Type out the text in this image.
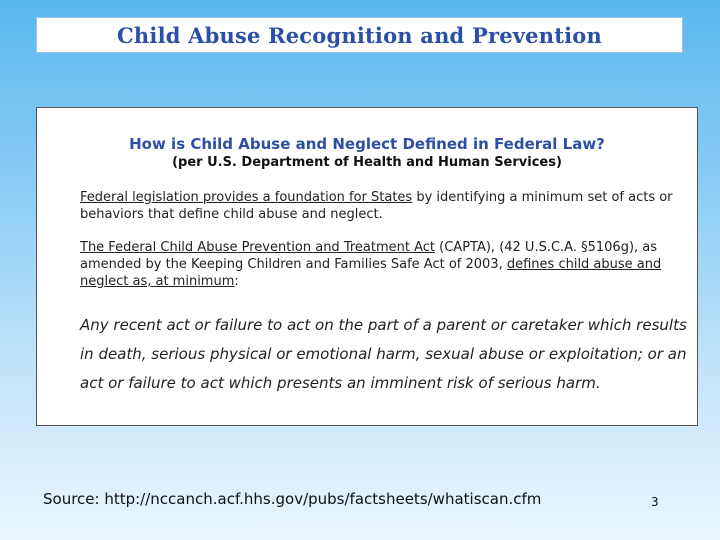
Child Abuse Recognition and Prevention
How is Child Abuse and Neglect Defined in Federal Law?
(per U.S. Department of Health and Human Services)
Federal legislation provides a foundation for States by identifying a minimum set of acts or behaviors that define child abuse and neglect.
The Federal Child Abuse Prevention and Treatment Act (CAPTA), (42 U.S.C.A. §5106g), as amended by the Keeping Children and Families Safe Act of 2003, defines child abuse and neglect as, at minimum:
Any recent act or failure to act on the part of a parent or caretaker which results in death, serious physical or emotional harm, sexual abuse or exploitation; or an act or failure to act which presents an imminent risk of serious harm.
Source: http://nccanch.acf.hhs.gov/pubs/factsheets/whatiscan.cfm	3
